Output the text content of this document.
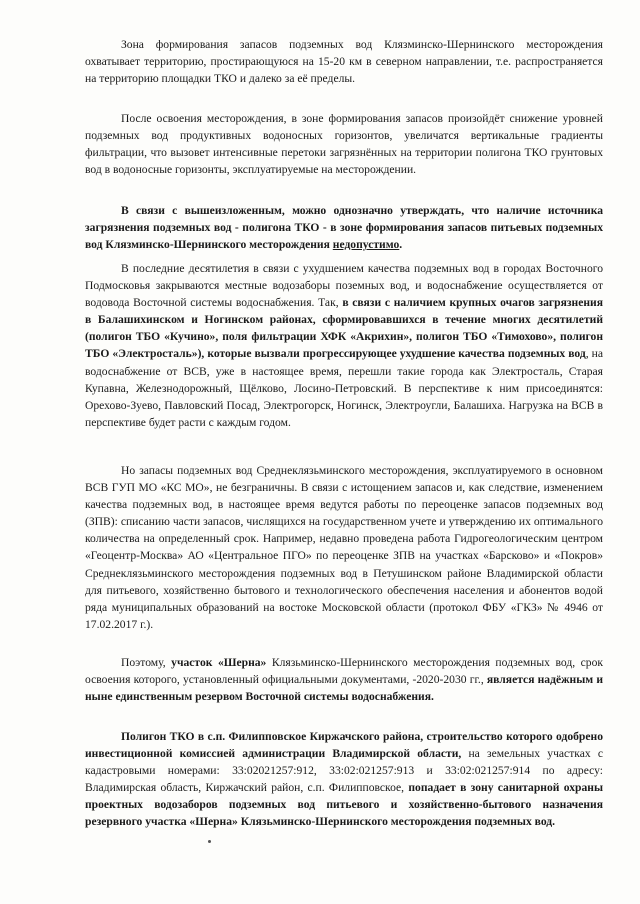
Зона формирования запасов подземных вод Клязминско-Шернинского месторождения охватывает территорию, простирающуюся на 15-20 км в северном направлении, т.е. распространяется на территорию площадки ТКО и далеко за её пределы.

После освоения месторождения, в зоне формирования запасов произойдёт снижение уровней подземных вод продуктивных водоносных горизонтов, увеличатся вертикальные градиенты фильтрации, что вызовет интенсивные перетоки загрязнённых на территории полигона ТКО грунтовых вод в водоносные горизонты, эксплуатируемые на месторождении.

В связи с вышеизложенным, можно однозначно утверждать, что наличие источника загрязнения подземных вод - полигона ТКО - в зоне формирования запасов питьевых подземных вод Клязминско-Шернинского месторождения недопустимо.

В последние десятилетия в связи с ухудшением качества подземных вод в городах Восточного Подмосковья закрываются местные водозаборы поземных вод, и водоснабжение осуществляется от водовода Восточной системы водоснабжения. Так, в связи с наличием крупных очагов загрязнения в Балашихинском и Ногинском районах, сформировавшихся в течение многих десятилетий (полигон ТБО «Кучино», поля фильтрации ХФК «Акрихин», полигон ТБО «Тимохово», полигон ТБО «Электросталь»), которые вызвали прогрессирующее ухудшение качества подземных вод, на водоснабжение от ВСВ, уже в настоящее время, перешли такие города как Электросталь, Старая Купавна, Железнодорожный, Щёлково, Лосино-Петровский. В перспективе к ним присоединятся: Орехово-Зуево, Павловский Посад, Электрогорск, Ногинск, Электроугли, Балашиха. Нагрузка на ВСВ в перспективе будет расти с каждым годом.

Но запасы подземных вод Среднеклязьминского месторождения, эксплуатируемого в основном ВСВ ГУП МО «КС МО», не безграничны. В связи с истощением запасов и, как следствие, изменением качества подземных вод, в настоящее время ведутся работы по переоценке запасов подземных вод (ЗПВ): списанию части запасов, числящихся на государственном учете и утверждению их оптимального количества на определенный срок. Например, недавно проведена работа Гидрогеологическим центром «Геоцентр-Москва» АО «Центральное ПГО» по переоценке ЗПВ на участках «Барсково» и «Покров» Среднеклязьминского месторождения подземных вод в Петушинском районе Владимирской области для питьевого, хозяйственно бытового и технологического обеспечения населения и абонентов водой ряда муниципальных образований на востоке Московской области (протокол ФБУ «ГКЗ» № 4946 от 17.02.2017 г.).

Поэтому, участок «Шерна» Клязьминско-Шернинского месторождения подземных вод, срок освоения которого, установленный официальными документами, -2020-2030 гг., является надёжным и ныне единственным резервом Восточной системы водоснабжения.

Полигон ТКО в с.п. Филипповское Киржачского района, строительство которого одобрено инвестиционной комиссией администрации Владимирской области, на земельных участках с кадастровыми номерами: 33:02021257:912, 33:02:021257:913 и 33:02:021257:914 по адресу: Владимирская область, Киржачский район, с.п. Филипповское, попадает в зону санитарной охраны проектных водозаборов подземных вод питьевого и хозяйственно-бытового назначения резервного участка «Шерна» Клязьминско-Шернинского месторождения подземных вод.
